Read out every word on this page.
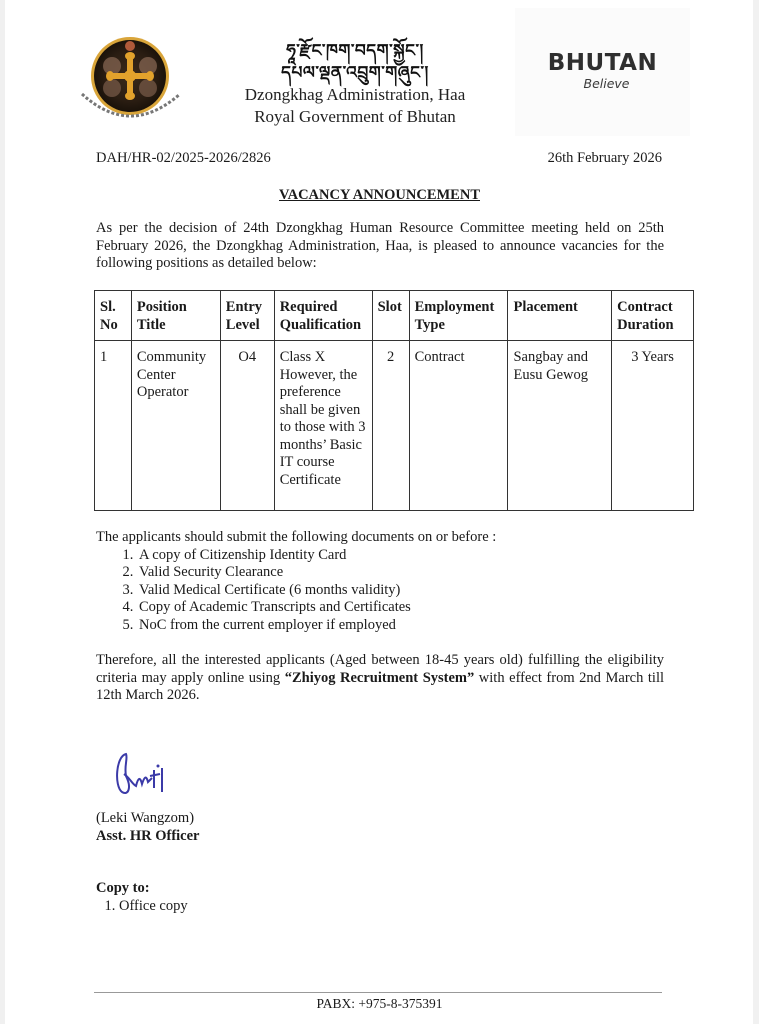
ཧཱ་རྫོང་ཁག་བདག་སྐྱོང་།
དཔལ་ལྡན་འབྲུག་གཞུང་།
Dzongkhag Administration, Haa
Royal Government of Bhutan
BHUTAN
Believe
DAH/HR-02/2025-2026/2826	26th February 2026
VACANCY ANNOUNCEMENT
As per the decision of 24th Dzongkhag Human Resource Committee meeting held on 25th February 2026, the Dzongkhag Administration, Haa, is pleased to announce vacancies for the following positions as detailed below:
Sl. No	Position Title	Entry Level	Required Qualification	Slot	Employment Type	Placement	Contract Duration
1	Community Center Operator	O4	Class X However, the preference shall be given to those with 3 months’ Basic IT course Certificate	2	Contract	Sangbay and Eusu Gewog	3 Years
The applicants should submit the following documents on or before :
1. A copy of Citizenship Identity Card
2. Valid Security Clearance
3. Valid Medical Certificate (6 months validity)
4. Copy of Academic Transcripts and Certificates
5. NoC from the current employer if employed
Therefore, all the interested applicants (Aged between 18-45 years old) fulfilling the eligibility criteria may apply online using “Zhiyog Recruitment System” with effect from 2nd March till 12th March 2026.
(Leki Wangzom)
Asst. HR Officer
Copy to:
1. Office copy
PABX: +975-8-375391
